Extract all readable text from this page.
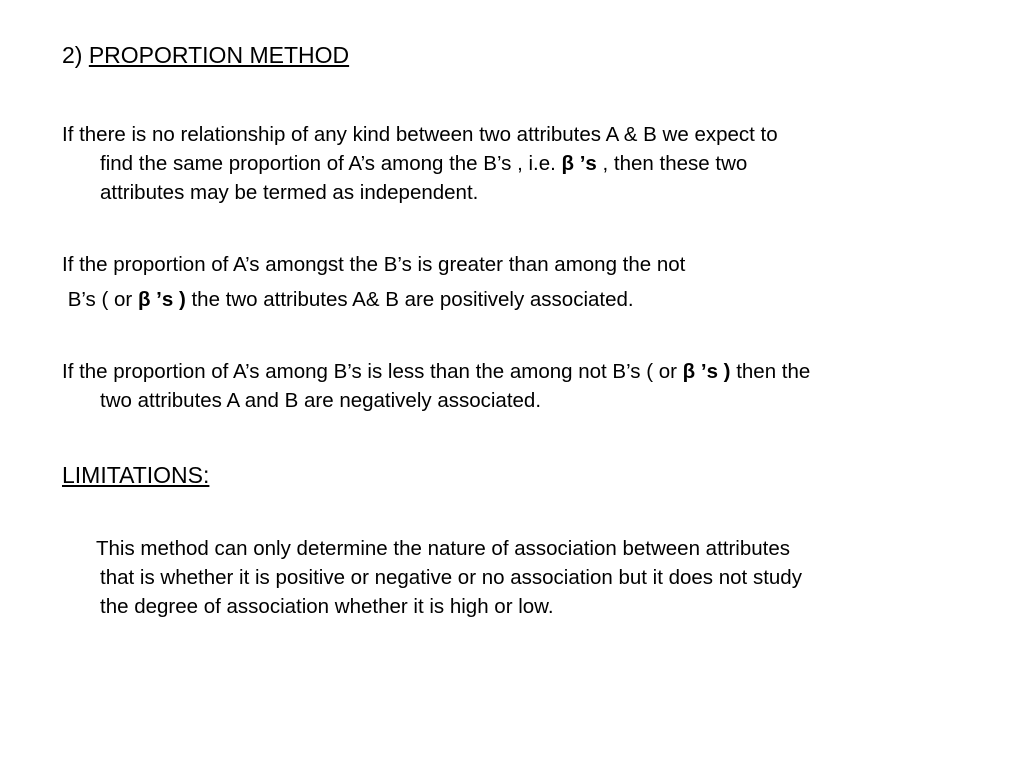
2) PROPORTION METHOD
If there is no relationship of any kind between two attributes A & B we expect to
find the same proportion of A’s among the B’s , i.e. β ’s , then these two
attributes may be termed as independent.
If the proportion of A’s amongst the B’s is greater than among the not
B’s ( or β ’s ) the two attributes A& B are positively associated.
If the proportion of A’s among B’s is less than the among not B’s ( or β ’s ) then the
two attributes A and B are negatively associated.
LIMITATIONS:
This method can only determine the nature of association between attributes
that is whether it is positive or negative or no association but it does not study
the degree of association whether it is high or low.
